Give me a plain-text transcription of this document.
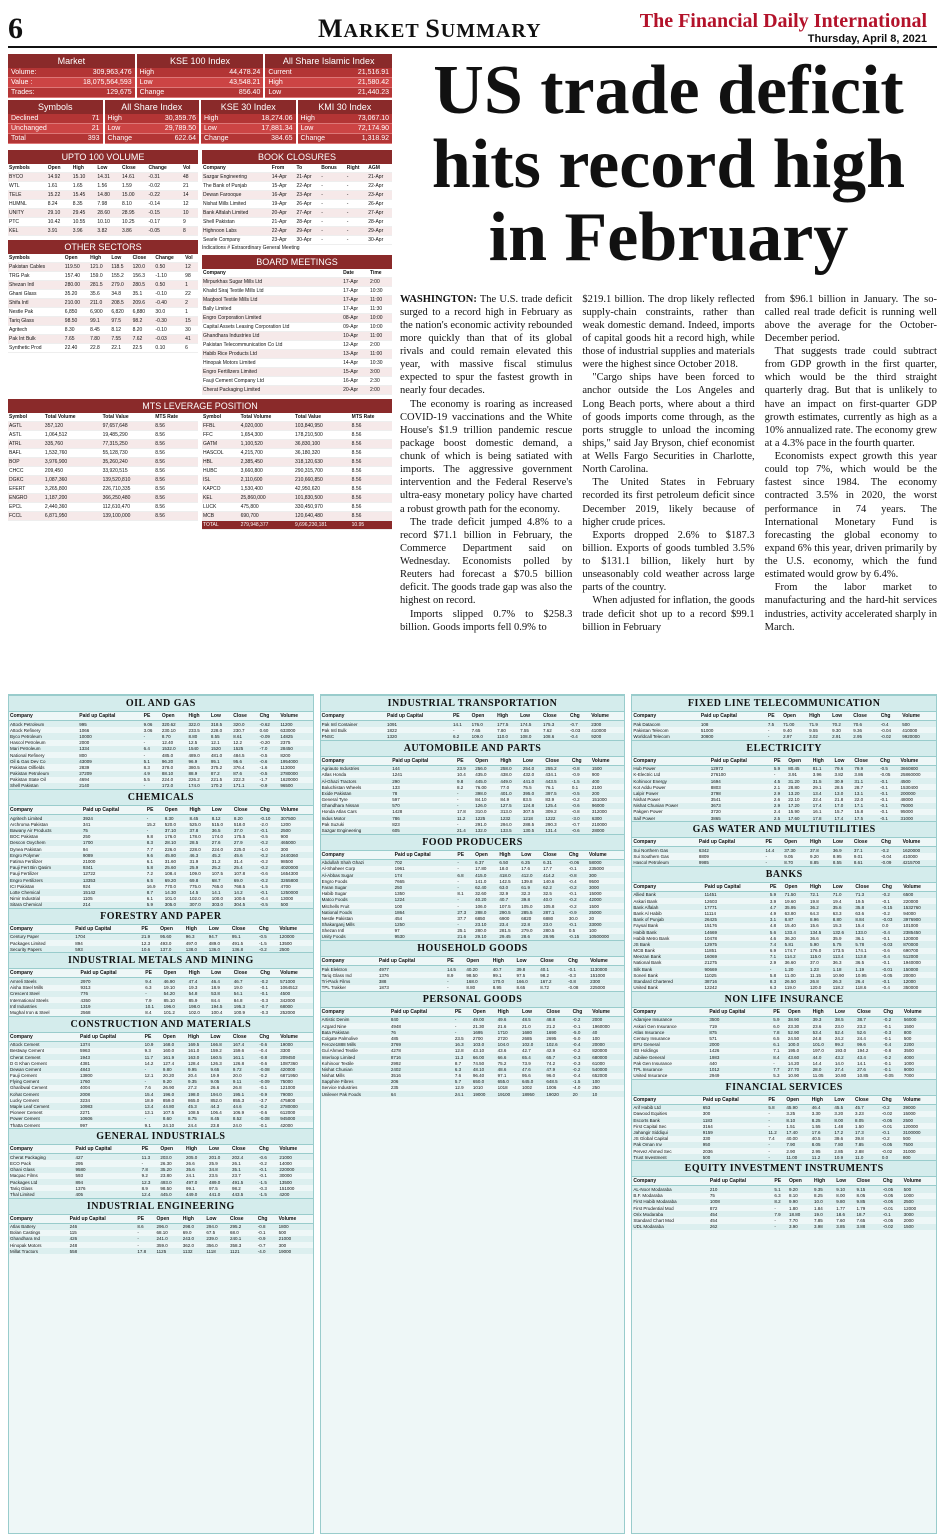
6	MARKET SUMMARY	The Financial Daily International
Thursday, April 8, 2021
Market
Volume:	309,963,476
Value :	18,075,564,593
Trades:	129,675
KSE 100 Index
High	44,478.24
Low	43,548.21
Change	856.40
All Share Islamic Index
Current	21,516.91
High	21,580.42
Low	21,440.23
Symbols
Declined	71
Unchanged	21
Total	393
All Share Index
High	30,359.76
Low	29,789.50
Change	622.64
KSE 30 Index
High	18,274.06
Low	17,881.34
Change	384.65
KMI 30 Index
High	73,067.10
Low	72,174.90
Change	1,318.92
UPTO 100 VOLUME
Symbols	Open	High	Low	Close	Change	Vol
BYCO	14.92	15.10	14.31	14.61	-0.31	48
WTL	1.61	1.65	1.56	1.59	-0.02	21
TELE	15.22	15.45	14.80	15.00	-0.22	14
HUMNL	8.24	8.35	7.98	8.10	-0.14	12
UNITY	29.10	29.45	28.60	28.95	-0.15	10
PTC	10.42	10.55	10.10	10.25	-0.17	9
KEL	3.91	3.96	3.82	3.86	-0.05	8
OTHER SECTORS
Symbols	Open	High	Low	Close	Change	Vol
Pakistan Cables	119.50	121.0	118.5	120.0	0.50	12
TRG Pak	157.40	159.0	155.2	156.3	-1.10	98
Shezan Intl	280.00	281.5	279.0	280.5	0.50	1
Ghani Glass	35.20	35.6	34.8	35.1	-0.10	22
Shifa Intl	210.00	211.0	208.5	209.6	-0.40	2
Nestle Pak	6,850	6,900	6,820	6,880	30.0	1
Tariq Glass	98.50	99.1	97.5	98.2	-0.30	15
Agritech	8.30	8.45	8.12	8.20	-0.10	30
Pak Int Bulk	7.65	7.80	7.55	7.62	-0.03	41
Synthetic Prod	22.40	22.8	22.1	22.5	0.10	6
BOOK CLOSURES
Company	From	To	Bonus	Right	AGM
Sazgar Engineering	14-Apr	21-Apr	-	-	21-Apr
The Bank of Punjab	15-Apr	22-Apr	-	-	22-Apr
Dewan Farooque	16-Apr	23-Apr	-	-	23-Apr
Nishat Mills Limited	19-Apr	26-Apr	-	-	26-Apr
Bank Alfalah Limited	20-Apr	27-Apr	-	-	27-Apr
Shell Pakistan	21-Apr	28-Apr	-	-	28-Apr
Highnoon Labs	22-Apr	29-Apr	-	-	29-Apr
Searle Company	23-Apr	30-Apr	-	-	30-Apr
Indications # Extraordinary General Meeting
BOARD MEETINGS
Company	Date	Time
Mirpurkhas Sugar Mills Ltd	17-Apr	2:00
Khalid Siraj Textile Mills Ltd	17-Apr	10:30
Maqbool Textile Mills Ltd	17-Apr	11:00
Bally Limited	17-Apr	11:30
Engro Corporation Limited	08-Apr	10:00
Capital Assets Leasing Corporation Ltd	09-Apr	10:00
Ghandhara Industries Ltd	10-Apr	11:00
Pakistan Telecommunication Co Ltd	12-Apr	2:00
Habib Rice Products Ltd	13-Apr	11:00
Hinopak Motors Limited	14-Apr	10:30
Engro Fertilizers Limited	15-Apr	3:00
Fauji Cement Company Ltd	16-Apr	2:30
Cherat Packaging Limited	20-Apr	2:00
MTS LEVERAGE POSITION
Symbol	Total Volume	Total Value	MTS Rate
AGTL	357,120	97,657,648	8.56
ASTL	1,064,512	19,485,290	8.56
ATRL	335,760	77,315,250	8.56
BAFL	1,532,760	55,128,730	8.56
BOP	3,976,900	35,260,240	8.56
CHCC	209,450	33,920,515	8.56
DGKC	1,087,360	139,520,810	8.56
EFERT	3,265,800	226,710,335	8.56
ENGRO	1,187,200	366,250,480	8.56
EPCL	2,440,360	112,610,470	8.56
FCCL	6,871,950	139,100,000	8.56
Symbol	Total Volume	Total Value	MTS Rate
FFBL	4,020,000	103,840,950	8.56
FFC	1,654,300	178,210,500	8.56
GATM	1,100,520	36,830,100	8.56
HASCOL	4,215,700	36,180,320	8.56
HBL	2,385,450	318,120,630	8.56
HUBC	3,660,800	290,315,700	8.56
ISL	2,110,600	210,660,850	8.56
KAPCO	1,530,400	42,950,620	8.56
KEL	25,860,000	101,830,500	8.56
LUCK	475,800	330,450,970	8.56
MCB	690,700	120,640,480	8.56
TOTAL	279,948,377	9,696,230,181	10.95
US trade deficit hits record high in February

WASHINGTON: The U.S. trade deficit surged to a record high in February as the nation's economic activity rebounded more quickly than that of its global rivals and could remain elevated this year, with massive fiscal stimulus expected to spur the fastest growth in nearly four decades.

The economy is roaring as increased COVID-19 vaccinations and the White House's $1.9 trillion pandemic rescue package boost domestic demand, a chunk of which is being satiated with imports. The aggressive government intervention and the Federal Reserve's ultra-easy monetary policy have charted a robust growth path for the economy.

The trade deficit jumped 4.8% to a record $71.1 billion in February, the Commerce Department said on Wednesday. Economists polled by Reuters had forecast a $70.5 billion deficit. The goods trade gap was also the highest on record.

Imports slipped 0.7% to $258.3 billion. Goods imports fell 0.9% to

$219.1 billion. The drop likely reflected supply-chain constraints, rather than weak domestic demand. Indeed, imports of capital goods hit a record high, while those of industrial supplies and materials were the highest since October 2018.

"Cargo ships have been forced to anchor outside the Los Angeles and Long Beach ports, where about a third of goods imports come through, as the ports struggle to unload the incoming ships," said Jay Bryson, chief economist at Wells Fargo Securities in Charlotte, North Carolina.

The United States in February recorded its first petroleum deficit since December 2019, likely because of higher crude prices.

Exports dropped 2.6% to $187.3 billion. Exports of goods tumbled 3.5% to $131.1 billion, likely hurt by unseasonably cold weather across large parts of the country.

When adjusted for inflation, the goods trade deficit shot up to a record $99.1 billion in February

from $96.1 billion in January. The so-called real trade deficit is running well above the average for the October-December period.

That suggests trade could subtract from GDP growth in the first quarter, which would be the third straight quarterly drag. But that is unlikely to have an impact on first-quarter GDP growth estimates, currently as high as a 10% annualized rate. The economy grew at a 4.3% pace in the fourth quarter.

Economists expect growth this year could top 7%, which would be the fastest since 1984. The economy contracted 3.5% in 2020, the worst performance in 74 years. The International Monetary Fund is forecasting the global economy to expand 6% this year, driven primarily by the U.S. economy, which the fund estimated would grow by 6.4%.

From the labor market to manufacturing and the hard-hit services industries, activity accelerated sharply in March.

OIL AND GAS
Company	Paid up Capital	PE	Open	High	Low	Close	Chg	Volume
Attock Petroleum	995	9.06	320.62	322.0	318.5	320.0	-0.62	11200
Attock Refinery	1066	3.06	230.10	233.5	228.0	230.7	0.60	633000
Byco Petroleum	10000	-	8.70	8.80	8.55	8.61	-0.09	14825
Hascol Petroleum	2000	-	12.40	12.5	12.1	12.2	-0.20	2375
Mari Petroleum	1334	6.4	1532.0	1540	1520	1525	-7.0	28450
National Refinery	800	-	485.0	489.0	481.0	484.5	-0.5	8200
Oil & Gas Dev Co	43009	5.1	96.20	96.9	95.1	95.6	-0.6	1954000
Pakistan Oilfields	2839	8.3	378.0	380.5	375.2	376.4	-1.6	113000
Pakistan Petroleum	27209	4.9	88.10	88.9	87.2	87.6	-0.5	2780000
Pakistan State Oil	4694	5.5	224.0	226.2	221.5	222.3	-1.7	1620000
Shell Pakistan	2140	-	172.0	174.0	170.2	171.1	-0.9	96500
CHEMICALS
Company	Paid up Capital	PE	Open	High	Low	Close	Chg	Volume
Agritech Limited	3924	-	8.30	8.45	8.12	8.20	-0.10	307500
Archroma Pakistan	341	15.2	520.0	525.0	515.0	518.0	-2.0	1200
Bawany Air Products	75	-	37.10	37.8	36.5	37.0	-0.1	2500
BOC Pakistan	250	9.8	176.0	178.0	174.0	175.5	-0.5	900
Descon Oxychem	1700	8.3	28.10	28.5	27.6	27.9	-0.2	465000
Dynea Pakistan	94	7.7	226.0	228.0	224.0	225.0	-1.0	300
Engro Polymer	9089	9.6	45.80	46.3	45.2	45.6	-0.2	2440360
Fatima Fertilizer	21000	6.1	31.60	31.9	31.2	31.4	-0.2	98500
Fauji Fert Bin Qasim	9341	5.8	25.60	25.9	25.2	25.4	-0.2	4020000
Fauji Fertilizer	12722	7.2	108.4	109.0	107.5	107.8	-0.6	1654300
Engro Fertilizers	13353	6.5	69.20	69.8	68.7	69.0	-0.2	3265800
ICI Pakistan	924	16.9	770.0	775.0	765.0	768.5	-1.5	4700
Lotte Chemical	15142	8.7	14.30	14.5	14.1	14.2	-0.1	1250000
Nimir Industrial	1105	6.1	101.0	102.0	100.0	100.6	-0.4	13000
Sitara Chemical	214	5.9	305.0	307.0	303.0	304.5	-0.5	500
FORESTRY AND PAPER
Company	Paid up Capital	PE	Open	High	Low	Close	Chg	Volume
Century Paper	1704	21.9	95.60	96.3	94.7	95.1	-0.5	120000
Packages Limited	894	12.3	493.0	497.0	489.0	491.5	-1.5	13500
Security Papers	593	10.6	137.0	138.0	136.0	136.8	-0.2	2500
INDUSTRIAL METALS AND MINING
Company	Paid up Capital	PE	Open	High	Low	Close	Chg	Volume
Amreli Steels	2970	9.4	46.90	47.4	46.4	46.7	-0.2	571000
Aisha Steel Mills	9313	6.3	19.10	19.3	18.9	19.0	-0.1	1064512
Crescent Steel	776	-	54.20	54.8	53.8	54.1	-0.1	4500
International Steels	4350	7.9	85.10	85.9	84.4	84.8	-0.3	342000
Intl Industries	1319	10.1	196.0	198.0	194.5	195.3	-0.7	68000
Mughal Iron & Steel	2568	8.4	101.2	102.0	100.4	100.9	-0.3	252000
CONSTRUCTION AND MATERIALS
Company	Paid up Capital	PE	Open	High	Low	Close	Chg	Volume
Attock Cement	1374	10.9	168.0	169.5	166.8	167.4	-0.6	19000
Bestway Cement	5963	9.3	160.0	161.0	159.2	159.6	-0.4	3300
Cherat Cement	1943	11.7	161.9	163.0	160.5	161.1	-0.8	209450
D G Khan Cement	4381	14.2	127.4	128.4	126.3	126.8	-0.6	1087360
Dewan Cement	4843	-	9.80	9.95	9.65	9.72	-0.08	420000
Fauji Cement	13800	12.1	20.20	20.4	19.9	20.0	-0.2	6871950
Flying Cement	1760	-	9.20	9.35	9.05	9.11	-0.09	75000
Gharibwal Cement	4004	7.6	26.90	27.2	26.6	26.8	-0.1	121000
Kohat Cement	2008	15.4	196.0	198.0	194.0	195.1	-0.9	79000
Lucky Cement	3234	18.9	859.0	865.0	852.0	855.3	-3.7	475800
Maple Leaf Cement	10983	13.4	44.80	45.3	44.3	44.6	-0.2	2780000
Pioneer Cement	2271	13.1	107.5	108.5	106.4	106.9	-0.6	612000
Power Cement	10606	-	8.60	8.75	8.45	8.52	-0.08	945000
Thatta Cement	997	9.1	24.10	24.4	23.8	24.0	-0.1	42000
GENERAL INDUSTRIALS
Company	Paid up Capital	PE	Open	High	Low	Close	Chg	Volume
Cherat Packaging	427	11.3	203.0	205.0	201.0	202.4	-0.6	21000
ECO Pack	295	-	26.30	26.6	25.9	26.1	-0.2	14000
Ghani Glass	9580	7.8	35.20	35.6	34.8	35.1	-0.1	220000
Macpac Films	593	9.2	23.80	24.1	23.5	23.7	-0.1	30000
Packages Ltd	894	12.3	493.0	497.0	489.0	491.5	-1.5	13500
Tariq Glass	1376	8.9	98.50	99.1	97.5	98.2	-0.3	151000
Thal Limited	405	12.4	445.0	449.0	441.0	443.5	-1.5	4200
INDUSTRIAL ENGINEERING
Company	Paid up Capital	PE	Open	High	Low	Close	Chg	Volume
Atlas Battery	246	8.6	296.0	298.0	294.0	295.2	-0.8	1800
Bolan Castings	115	-	68.10	69.0	67.5	68.0	-0.1	500
Ghandhara Ind	426	-	241.0	243.0	239.0	240.1	-0.9	21000
Hinopak Motors	248	-	359.0	362.0	356.0	358.3	-0.7	300
Millat Tractors	558	17.8	1125	1132	1118	1121	-4.0	19000
INDUSTRIAL TRANSPORTATION
Company	Paid up Capital	PE	Open	High	Low	Close	Chg	Volume
Pak Intl Container	1091	14.1	176.0	177.5	174.5	175.3	-0.7	2300
Pak Intl Bulk	1822	-	7.65	7.80	7.55	7.62	-0.03	410000
PNSC	1320	6.2	109.0	110.0	108.0	108.6	-0.4	9200
AUTOMOBILE AND PARTS
Company	Paid up Capital	PE	Open	High	Low	Close	Chg	Volume
Agriauto Industries	144	23.9	256.0	258.0	254.0	255.2	-0.8	1500
Atlas Honda	1241	10.4	435.0	438.0	432.0	434.1	-0.9	900
Al-Ghazi Tractors	290	9.8	445.0	449.0	441.0	443.5	-1.5	400
Baluchistan Wheels	133	8.2	76.00	77.0	75.5	76.1	0.1	2100
Exide Pakistan	78	-	398.0	401.0	395.0	397.5	-0.5	200
General Tyre	597	-	84.10	84.9	83.5	83.9	-0.2	151000
Ghandhara Nissan	570	-	126.0	127.5	124.8	125.4	-0.6	96000
Honda Atlas Cars	1428	17.8	310.0	313.0	307.5	309.2	-0.8	312000
Indus Motor	786	11.2	1225	1232	1218	1222	-3.0	6300
Pak Suzuki	823	-	291.0	294.0	288.5	290.3	-0.7	210000
Sazgar Engineering	605	21.4	132.0	133.5	130.5	131.4	-0.6	28000
FOOD PRODUCERS
Company	Paid up Capital	PE	Open	High	Low	Close	Chg	Volume
Abdullah Shah Ghazi	702	-	6.37	6.50	6.25	6.31	-0.06	58000
Al-Shaheer Corp	1961	-	17.80	18.0	17.6	17.7	-0.1	235000
Al-Abbas Sugar	174	6.8	415.0	418.0	412.0	414.2	-0.8	300
Engro Foods	7665	-	141.0	142.5	139.8	140.6	-0.4	9500
Faran Sugar	250	-	62.40	63.0	61.9	62.2	-0.2	3000
Habib Sugar	1350	8.1	32.60	32.9	32.3	32.5	-0.1	15000
Matco Foods	1224	-	40.20	40.7	39.8	40.0	-0.2	42000
Mitchells Fruit	100	-	106.0	107.5	105.0	105.8	-0.2	1500
National Foods	1864	27.3	288.0	290.5	285.5	287.1	-0.9	25000
Nestle Pakistan	454	37.7	6850	6900	6820	6880	30.0	20
Shakarganj Mills	1250	-	23.10	23.4	22.8	23.0	-0.1	33000
Shezan Intl	97	25.1	280.0	281.5	279.0	280.5	0.5	100
Unity Foods	9530	21.6	29.10	29.45	28.6	28.95	-0.15	10500000
HOUSEHOLD GOODS
Company	Paid up Capital	PE	Open	High	Low	Close	Chg	Volume
Pak Elektron	4977	14.5	40.20	40.7	39.8	40.1	-0.1	1130000
Tariq Glass Ind	1376	8.9	98.50	99.1	97.5	98.2	-0.3	151000
Tri-Pack Films	388	-	168.0	170.0	166.0	167.2	-0.8	2300
TPL Trakker	1873	-	8.80	8.95	8.65	8.72	-0.08	225000
PERSONAL GOODS
Company	Paid up Capital	PE	Open	High	Low	Close	Chg	Volume
Artistic Denim	840	-	49.00	49.6	48.5	48.8	-0.2	2000
Azgard Nine	4948	-	21.30	21.6	21.0	21.2	-0.1	1960000
Bata Pakistan	76	-	1695	1710	1680	1690	-5.0	40
Colgate Palmolive	485	23.5	2700	2720	2685	2695	-5.0	100
Feroze1888 Mills	3769	16.3	103.0	104.0	102.0	102.6	-0.4	20000
Gul Ahmed Textile	4278	12.8	43.10	43.6	42.7	42.9	-0.2	820000
Interloop Limited	8716	11.3	66.00	66.6	65.4	65.7	-0.3	680000
Kohinoor Textile	2992	8.7	74.50	75.2	73.9	74.2	-0.3	61000
Nishat Chunian	2402	6.3	48.10	48.6	47.6	47.9	-0.2	540000
Nishat Mills	3516	7.6	96.40	97.1	95.6	96.0	-0.4	652000
Sapphire Fibres	206	5.7	650.0	655.0	645.0	648.5	-1.5	100
Service Industries	235	12.9	1010	1018	1002	1006	-4.0	250
Unilever Pak Foods	64	24.1	19000	19100	18950	19020	20	10
FIXED LINE TELECOMMUNICATION
Company	Paid up Capital	PE	Open	High	Low	Close	Chg	Volume
Pak Datacom	108	7.5	71.00	71.9	70.2	70.6	-0.4	500
Pakistan Telecom	51000	-	9.40	9.55	9.30	9.36	-0.04	410000
Worldcall Telecom	30800	-	2.97	3.02	2.91	2.95	-0.02	9920000
ELECTRICITY
Company	Paid up Capital	PE	Open	High	Low	Close	Chg	Volume
Hub Power	12972	5.9	80.45	81.1	79.6	79.9	-0.5	3660800
K-Electric Ltd	276100	-	3.91	3.96	3.82	3.86	-0.05	25860000
Kohinoor Energy	1694	4.5	31.20	31.5	30.9	31.1	-0.1	4500
Kot Addu Power	8803	2.1	28.80	29.1	28.5	28.7	-0.1	1530400
Lalpir Power	3798	2.9	13.20	13.4	13.0	13.1	-0.1	200000
Nishat Power	3541	2.6	22.10	22.4	21.8	22.0	-0.1	48000
Nishat Chunian Power	3673	2.9	17.20	17.4	17.0	17.1	-0.1	75000
Pakgen Power	3720	2.4	15.90	16.1	15.7	15.8	-0.1	95000
Saif Power	3865	2.5	17.60	17.8	17.4	17.5	-0.1	31000
GAS WATER AND MULTIUTILITIES
Company	Paid up Capital	PE	Open	High	Low	Close	Chg	Volume
Sui Northern Gas	6342	14.4	37.30	37.8	36.9	37.1	-0.2	1620000
Sui Southern Gas	8809	-	9.05	9.20	8.95	9.01	-0.04	410000
Hascol Petroleum	9985	-	8.70	8.85	8.55	8.61	-0.09	4215700
BANKS
Company	Paid up Capital	PE	Open	High	Low	Close	Chg	Volume
Allied Bank	11451	5.9	71.50	72.1	71.0	71.3	-0.2	6500
Askari Bank	12603	3.9	19.60	19.8	19.4	19.5	-0.1	220000
Bank Alfalah	17771	4.7	35.95	36.2	35.6	35.8	-0.15	1532760
Bank Al Habib	11114	4.9	63.80	64.3	63.3	63.6	-0.2	94000
Bank of Punjab	26425	3.1	8.87	8.96	8.80	8.84	-0.03	3976900
Faysal Bank	15176	4.8	15.40	15.6	15.3	15.4	0.0	101000
Habib Bank	14669	5.6	133.4	134.5	132.6	133.0	-0.4	2385450
Habib Metro Bank	10478	4.6	36.20	36.6	35.9	36.1	-0.1	120000
JS Bank	12975	7.4	5.81	5.90	5.75	5.78	-0.03	870000
MCB Bank	11851	6.9	174.7	176.0	173.5	174.1	-0.6	690700
Meezan Bank	16069	7.1	114.2	115.0	113.4	113.8	-0.4	512000
National Bank	21275	2.9	36.60	37.0	36.3	36.5	-0.1	1940000
Silk Bank	90669	-	1.20	1.23	1.18	1.19	-0.01	150000
Soneri Bank	11025	5.8	11.00	11.15	10.90	10.95	-0.05	20000
Standard Chartered	38716	8.3	26.50	26.8	26.3	26.4	-0.1	12000
United Bank	12242	6.3	119.0	120.0	118.2	118.6	-0.4	350000
NON LIFE INSURANCE
Company	Paid up Capital	PE	Open	High	Low	Close	Chg	Volume
Adamjee Insurance	3500	5.9	38.90	39.3	38.5	38.7	-0.2	56000
Askari Gen Insurance	719	6.0	23.30	23.6	23.0	23.2	-0.1	1500
Atlas Insurance	875	7.8	52.90	53.4	52.4	52.6	-0.3	800
Century Insurance	571	6.5	24.50	24.8	24.2	24.4	-0.1	500
EFU General	2000	6.1	100.0	101.0	99.2	99.6	-0.4	2200
IGI Holdings	1426	7.1	195.0	197.0	193.0	194.2	-0.8	3500
Jubilee General	1983	8.4	43.60	44.0	43.2	43.4	-0.2	4000
Pak Gen Insurance	440	-	14.20	14.4	14.0	14.1	-0.1	1000
TPL Insurance	1012	7.7	27.70	28.0	27.4	27.6	-0.1	9000
United Insurance	2949	5.3	10.90	11.05	10.80	10.85	-0.05	7000
FINANCIAL SERVICES
Company	Paid up Capital	PE	Open	High	Low	Close	Chg	Volume
Arif Habib Ltd	653	5.8	45.90	46.4	45.5	45.7	-0.2	39000
Dawood Equities	300	-	3.25	3.30	3.20	3.23	-0.02	15000
Escorts Bank	1183	-	8.10	8.25	8.00	8.05	-0.05	2500
First Capital Sec	3164	-	1.51	1.55	1.48	1.50	-0.01	120000
Jahangir Siddiqui	9159	11.2	17.40	17.6	17.2	17.3	-0.1	3100000
JS Global Capital	330	7.4	40.00	40.5	39.6	39.8	-0.2	500
Pak Oman Inv	950	-	7.90	8.05	7.80	7.85	-0.05	7500
Pervez Ahmed Sec	2036	-	2.90	2.95	2.85	2.88	-0.02	31000
Trust Investment	500	-	11.00	11.2	10.9	11.0	0.0	800
EQUITY INVESTMENT INSTRUMENTS
Company	Paid up Capital	PE	Open	High	Low	Close	Chg	Volume
AL-Noor Modaraba	210	5.1	9.20	9.35	9.10	9.15	-0.05	500
B.F. Modaraba	75	6.3	8.10	8.25	8.00	8.05	-0.05	1000
First Habib Modaraba	1008	8.2	9.90	10.0	9.80	9.85	-0.05	2500
First Prudential Mod	872	-	1.80	1.84	1.77	1.79	-0.01	12000
Orix Modaraba	454	7.9	18.80	19.0	18.6	18.7	-0.1	3000
Standard Chart Mod	454	-	7.70	7.85	7.60	7.65	-0.05	2000
UDL Modaraba	262	-	3.90	3.98	3.85	3.88	-0.02	1500
